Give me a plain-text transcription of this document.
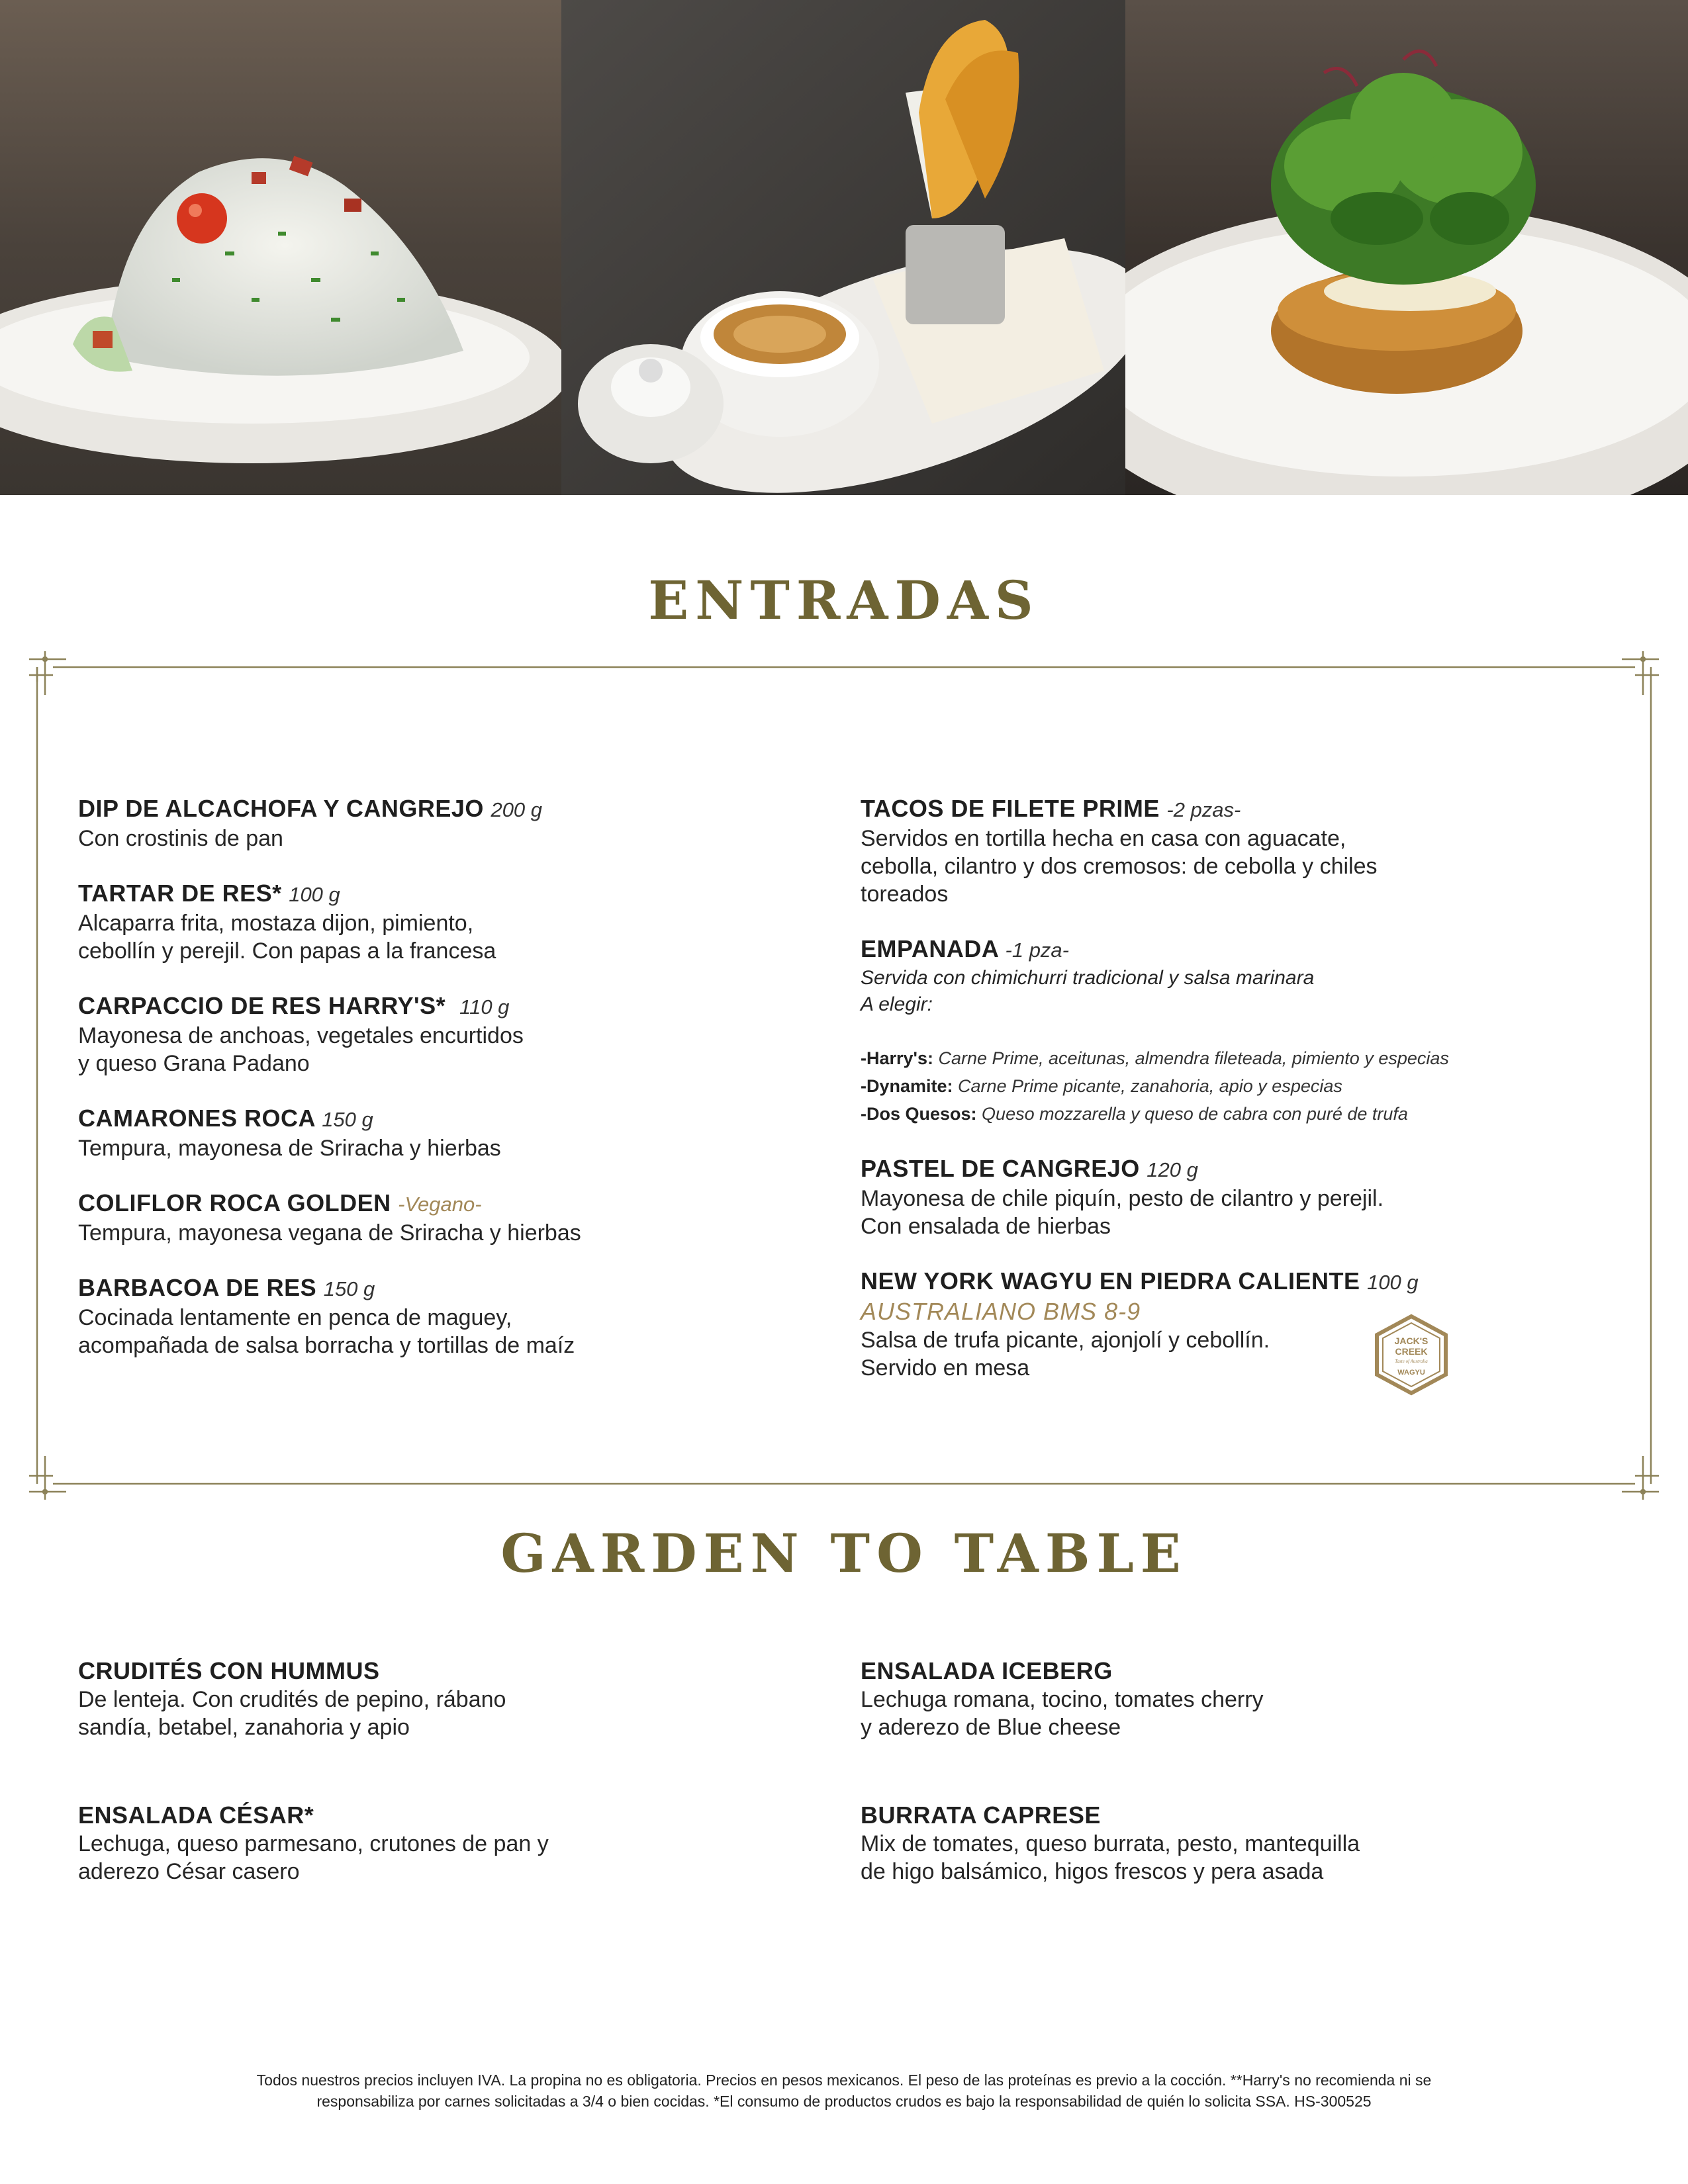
ENTRADAS
DIP DE ALCACHOFA Y CANGREJO 200 g
Con crostinis de pan
TARTAR DE RES* 100 g
Alcaparra frita, mostaza dijon, pimiento,
cebollín y perejil. Con papas a la francesa
CARPACCIO DE RES HARRY'S* 110 g
Mayonesa de anchoas, vegetales encurtidos
y queso Grana Padano
CAMARONES ROCA 150 g
Tempura, mayonesa de Sriracha y hierbas
COLIFLOR ROCA GOLDEN -Vegano-
Tempura, mayonesa vegana de Sriracha y hierbas
BARBACOA DE RES 150 g
Cocinada lentamente en penca de maguey,
acompañada de salsa borracha y tortillas de maíz
TACOS DE FILETE PRIME -2 pzas-
Servidos en tortilla hecha en casa con aguacate,
cebolla, cilantro y dos cremosos: de cebolla y chiles
toreados
EMPANADA -1 pza-
Servida con chimichurri tradicional y salsa marinara
A elegir:
-Harry's: Carne Prime, aceitunas, almendra fileteada, pimiento y especias
-Dynamite: Carne Prime picante, zanahoria, apio y especias
-Dos Quesos: Queso mozzarella y queso de cabra con puré de trufa
PASTEL DE CANGREJO 120 g
Mayonesa de chile piquín, pesto de cilantro y perejil.
Con ensalada de hierbas
NEW YORK WAGYU EN PIEDRA CALIENTE 100 g
AUSTRALIANO BMS 8-9
Salsa de trufa picante, ajonjolí y cebollín.
Servido en mesa
JACK'S
CREEK
Taste of Australia
WAGYU
GARDEN TO TABLE
CRUDITÉS CON HUMMUS
De lenteja. Con crudités de pepino, rábano
sandía, betabel, zanahoria y apio
ENSALADA CÉSAR*
Lechuga, queso parmesano, crutones de pan y
aderezo César casero
ENSALADA ICEBERG
Lechuga romana, tocino, tomates cherry
y aderezo de Blue cheese
BURRATA CAPRESE
Mix de tomates, queso burrata, pesto, mantequilla
de higo balsámico, higos frescos y pera asada
Todos nuestros precios incluyen IVA. La propina no es obligatoria. Precios en pesos mexicanos. El peso de las proteínas es previo a la cocción. **Harry's no recomienda ni se
responsabiliza por carnes solicitadas a 3/4 o bien cocidas. *El consumo de productos crudos es bajo la responsabilidad de quién lo solicita SSA. HS-300525
